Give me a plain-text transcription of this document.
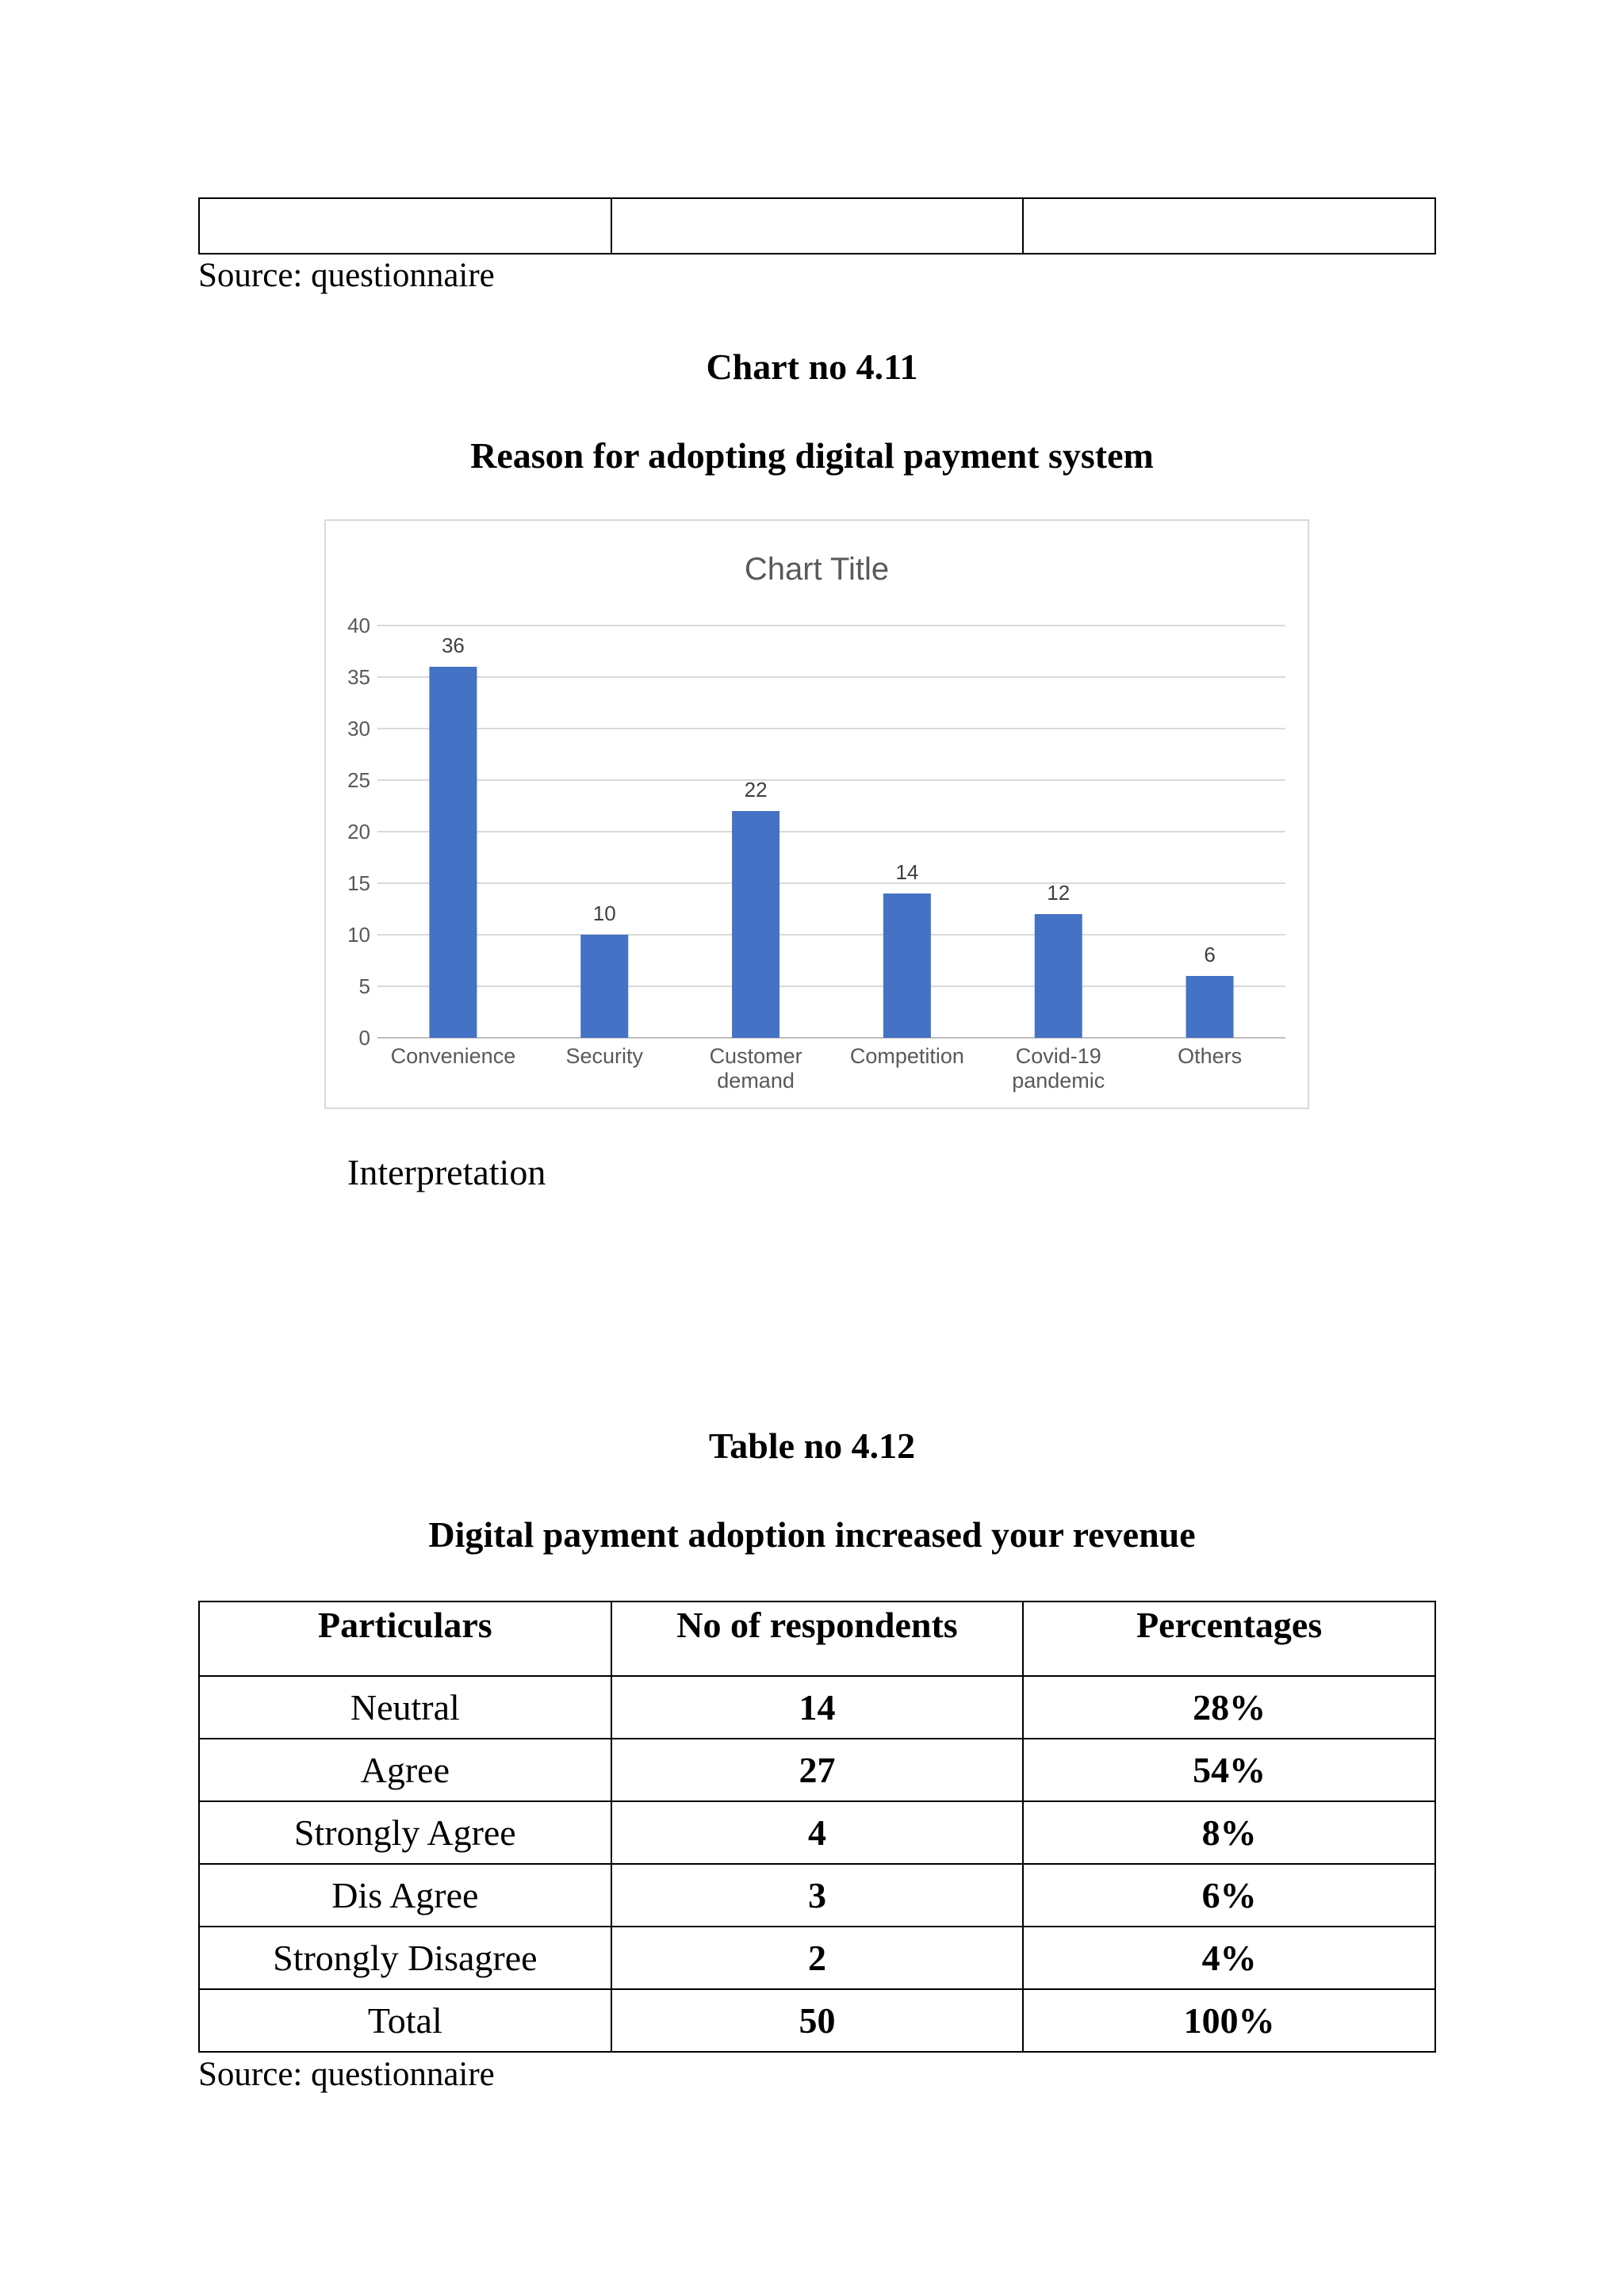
Source: questionnaire
Chart no 4.11
Reason for adopting digital payment system
Chart Title
0
5
10
15
20
25
30
35
40
36
Convenience
10
Security
22
Customer
demand
14
Competition
12
Covid-19
pandemic
6
Others
Interpretation
Table no 4.12
Digital payment adoption increased your revenue
Particulars	No of respondents	Percentages
Neutral	14	28%
Agree	27	54%
Strongly Agree	4	8%
Dis Agree	3	6%
Strongly Disagree	2	4%
Total	50	100%
Source: questionnaire
